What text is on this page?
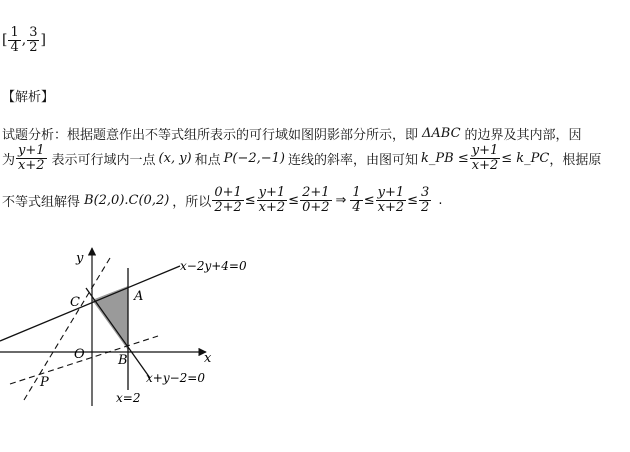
[ $\frac{1}{4}$ , $\frac{3}{2}$ ]
【解析】
试题分析：根据题意作出不等式组所表示的可行域如图阴影部分所示，即 ΔABC 的边界及其内部，因
为 $\frac{y+1}{x+2}$ 表示可行域内一点 (x, y) 和点 P(−2,−1) 连线的斜率，由图可知 k_PB ≤ $\frac{y+1}{x+2}$ ≤ k_PC ，根据原
不等式组解得 B(2,0). C(0,2) ，所以 $\frac{0+1}{2+2} \le \frac{y+1}{x+2} \le \frac{2+1}{0+2}$ ⇒ $\frac{1}{4} \le \frac{y+1}{x+2} \le \frac{3}{2}$ .
y
x
x−2y+4=0
x+y−2=0
x=2
A
B
C
O
P
